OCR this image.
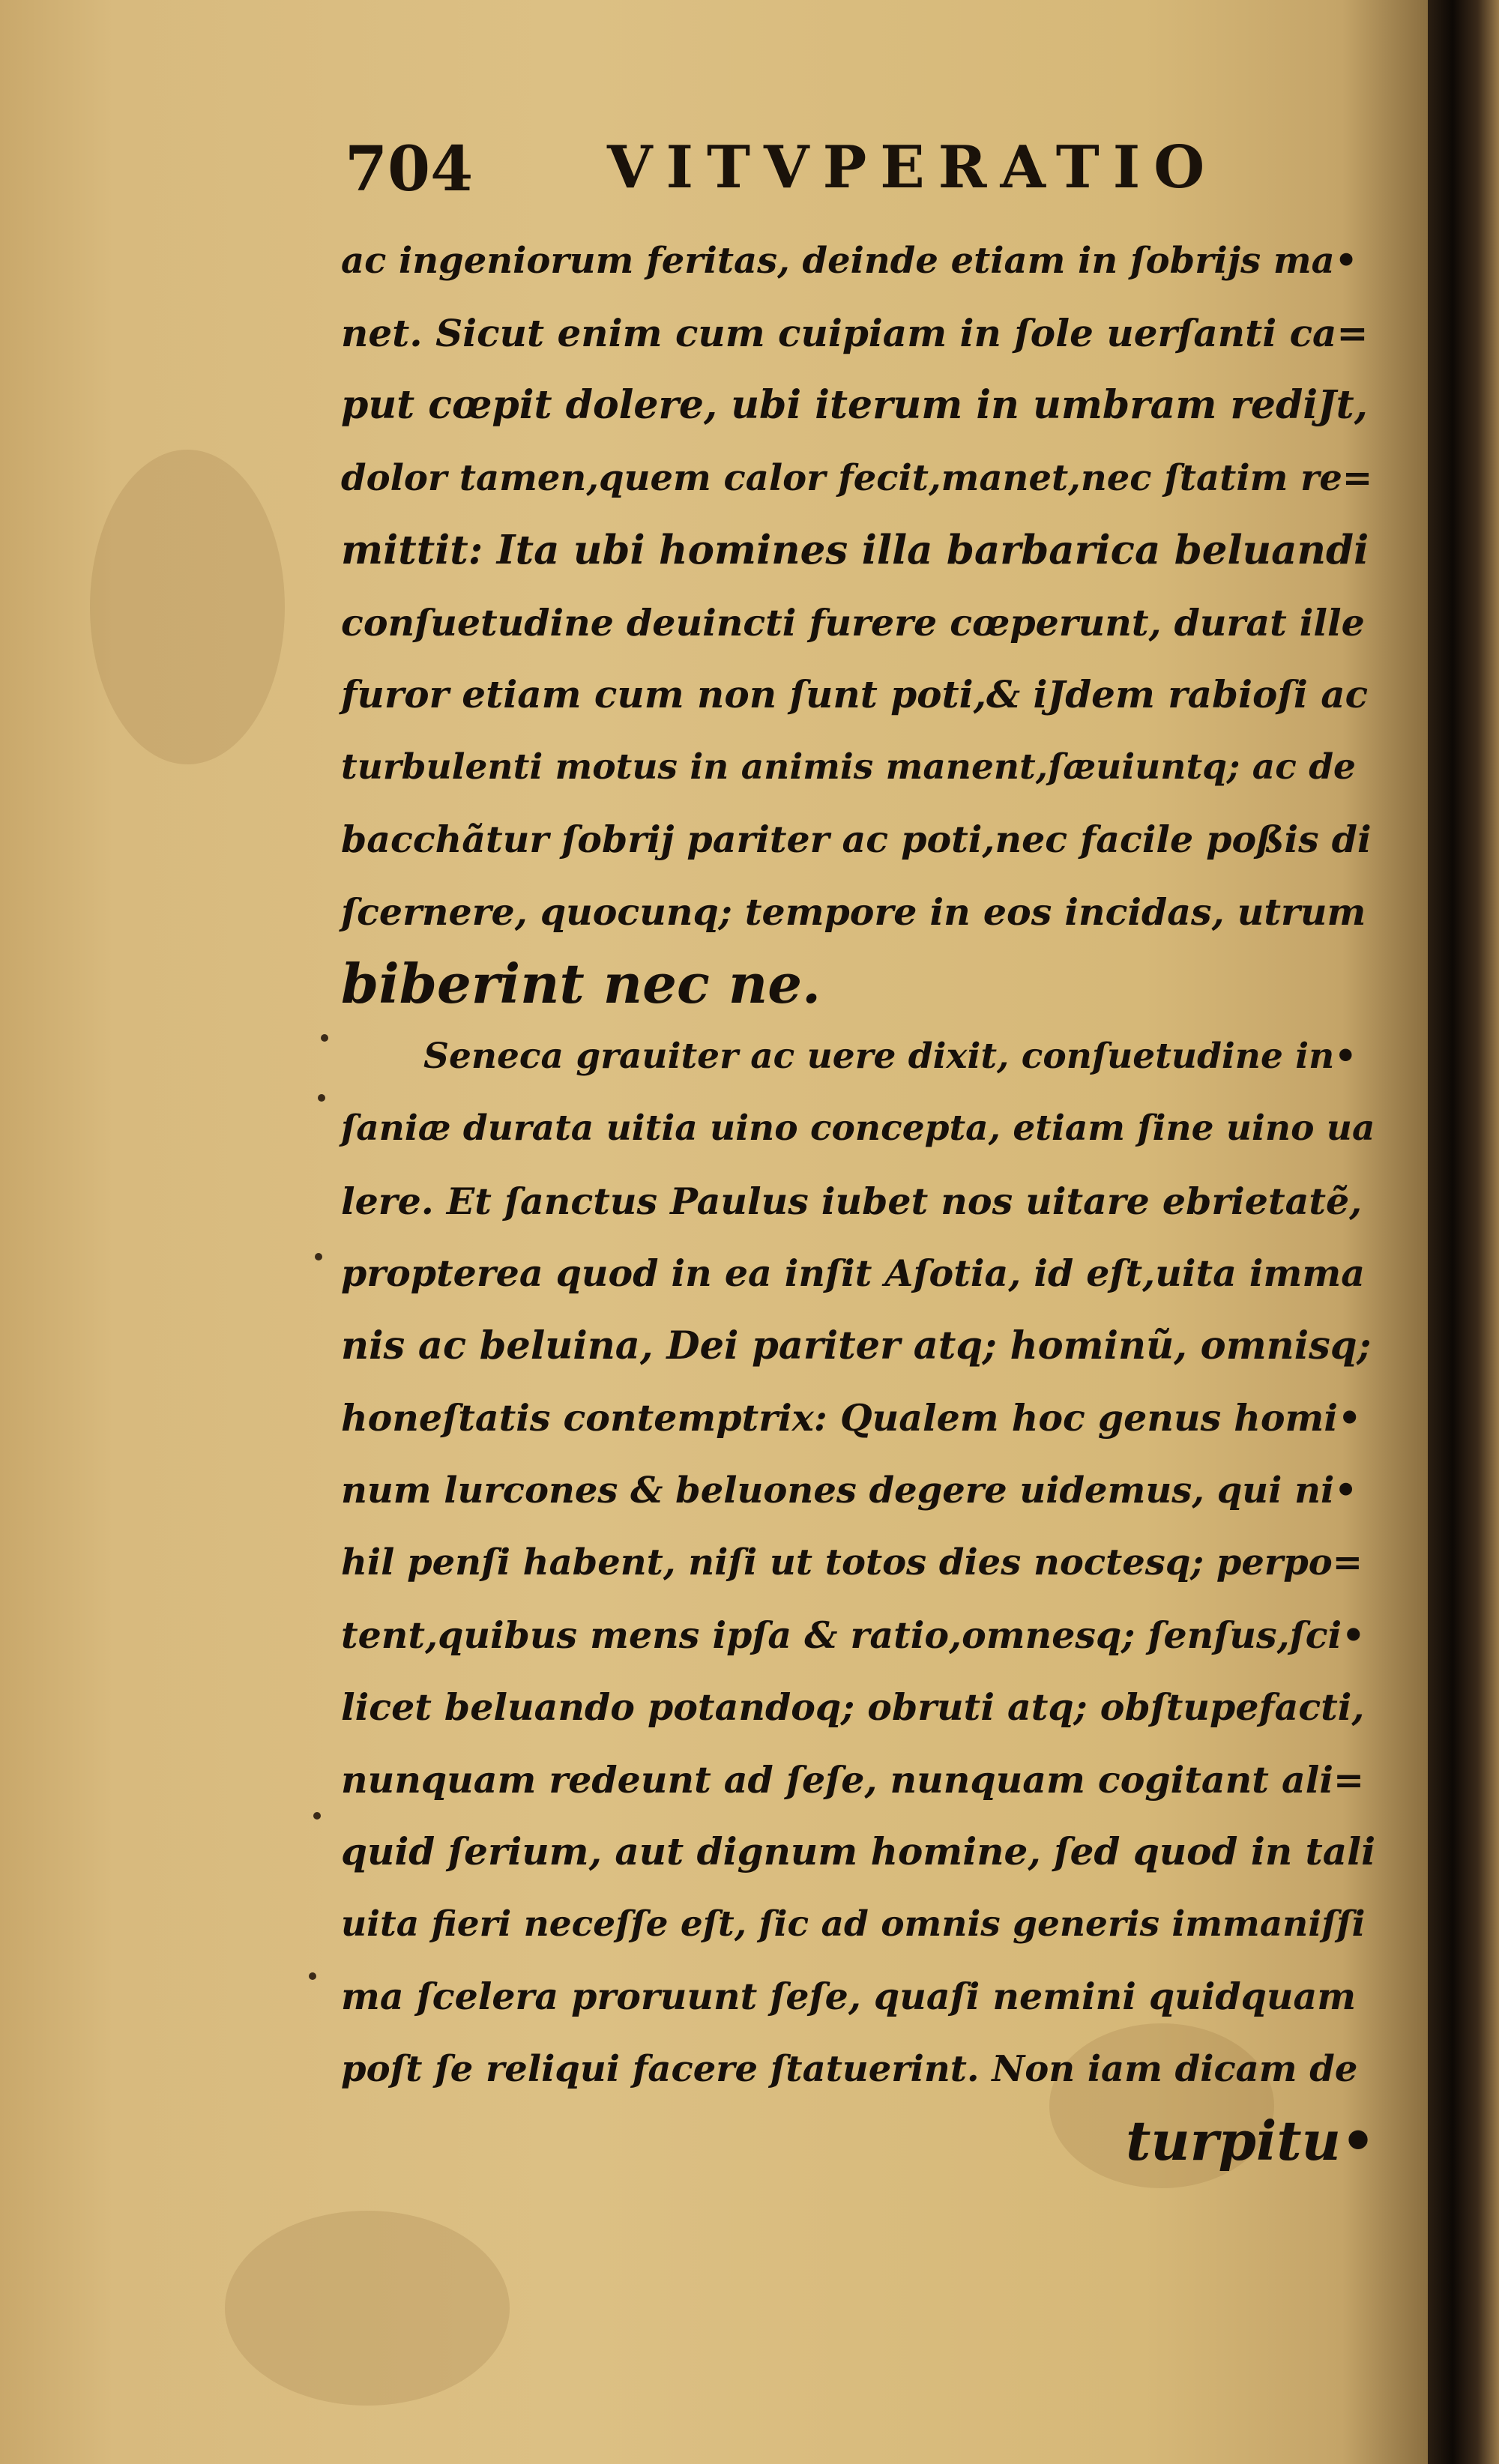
704 VITVPERATIO
ac ingeniorum feritas, deinde etiam in ſobrijs ma•
net. Sicut enim cum cuipiam in ſole uerſanti ca=
put cœpit dolere, ubi iterum in umbram rediJt,
dolor tamen,quem calor fecit,manet,nec ſtatim re=
mittit: Ita ubi homines illa barbarica beluandi
conſuetudine deuincti furere cœperunt, durat ille
furor etiam cum non ſunt poti,& iJdem rabioſi ac
turbulenti motus in animis manent,ſæuiuntq; ac de
bacchãtur ſobrij pariter ac poti,nec facile poßis di
ſcernere, quocunq; tempore in eos incidas, utrum
biberint nec ne.
Seneca grauiter ac uere dixit, conſuetudine in•
ſaniæ durata uitia uino concepta, etiam ſine uino ua
lere. Et ſanctus Paulus iubet nos uitare ebrietatẽ,
propterea quod in ea inſit Aſotia, id eſt,uita imma
nis ac beluina, Dei pariter atq; hominũ, omnisq;
honeſtatis contemptrix: Qualem hoc genus homi•
num lurcones & beluones degere uidemus, qui ni•
hil penſi habent, niſi ut totos dies noctesq; perpo=
tent,quibus mens ipſa & ratio,omnesq; ſenſus,ſci•
licet beluando potandoq; obruti atq; obſtupefacti,
nunquam redeunt ad ſeſe, nunquam cogitant ali=
quid ſerium, aut dignum homine, ſed quod in tali
uita fieri neceſſe eſt, ſic ad omnis generis immaniſſi
ma ſcelera proruunt ſeſe, quaſi nemini quidquam
poſt ſe reliqui facere ſtatuerint. Non iam dicam de
turpitu•
